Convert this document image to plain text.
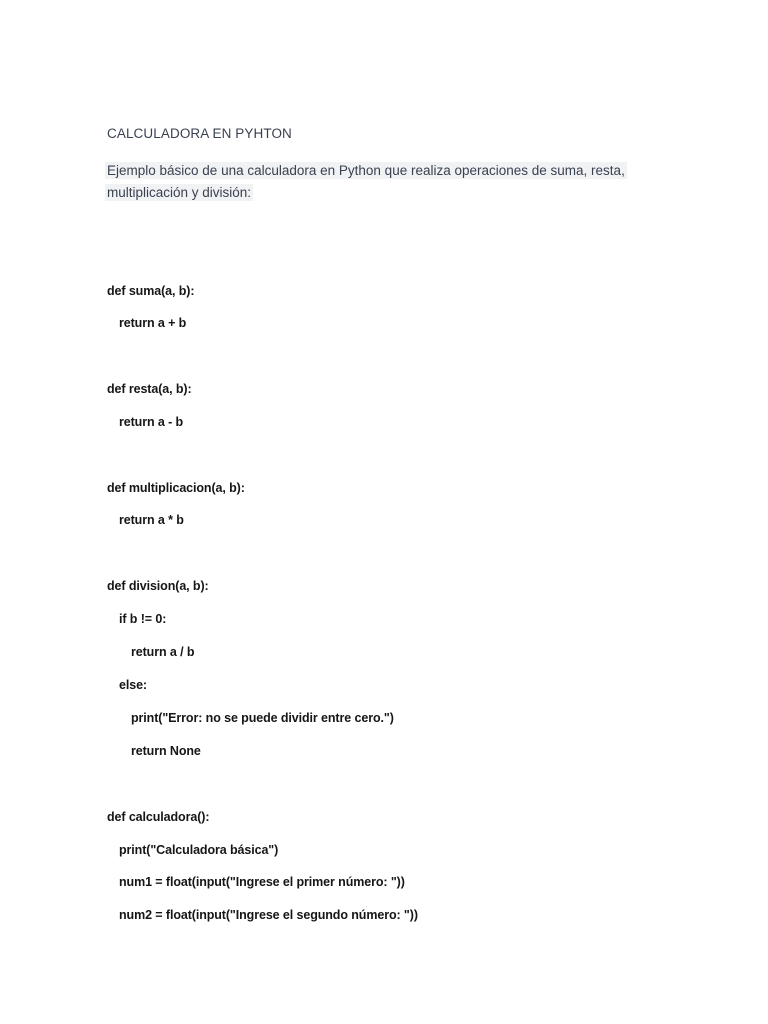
CALCULADORA EN PYHTON
Ejemplo básico de una calculadora en Python que realiza operaciones de suma, resta, multiplicación y división:
def suma(a, b):
return a + b
def resta(a, b):
return a - b
def multiplicacion(a, b):
return a * b
def division(a, b):
if b != 0:
return a / b
else:
print("Error: no se puede dividir entre cero.")
return None
def calculadora():
print("Calculadora básica")
num1 = float(input("Ingrese el primer número: "))
num2 = float(input("Ingrese el segundo número: "))
